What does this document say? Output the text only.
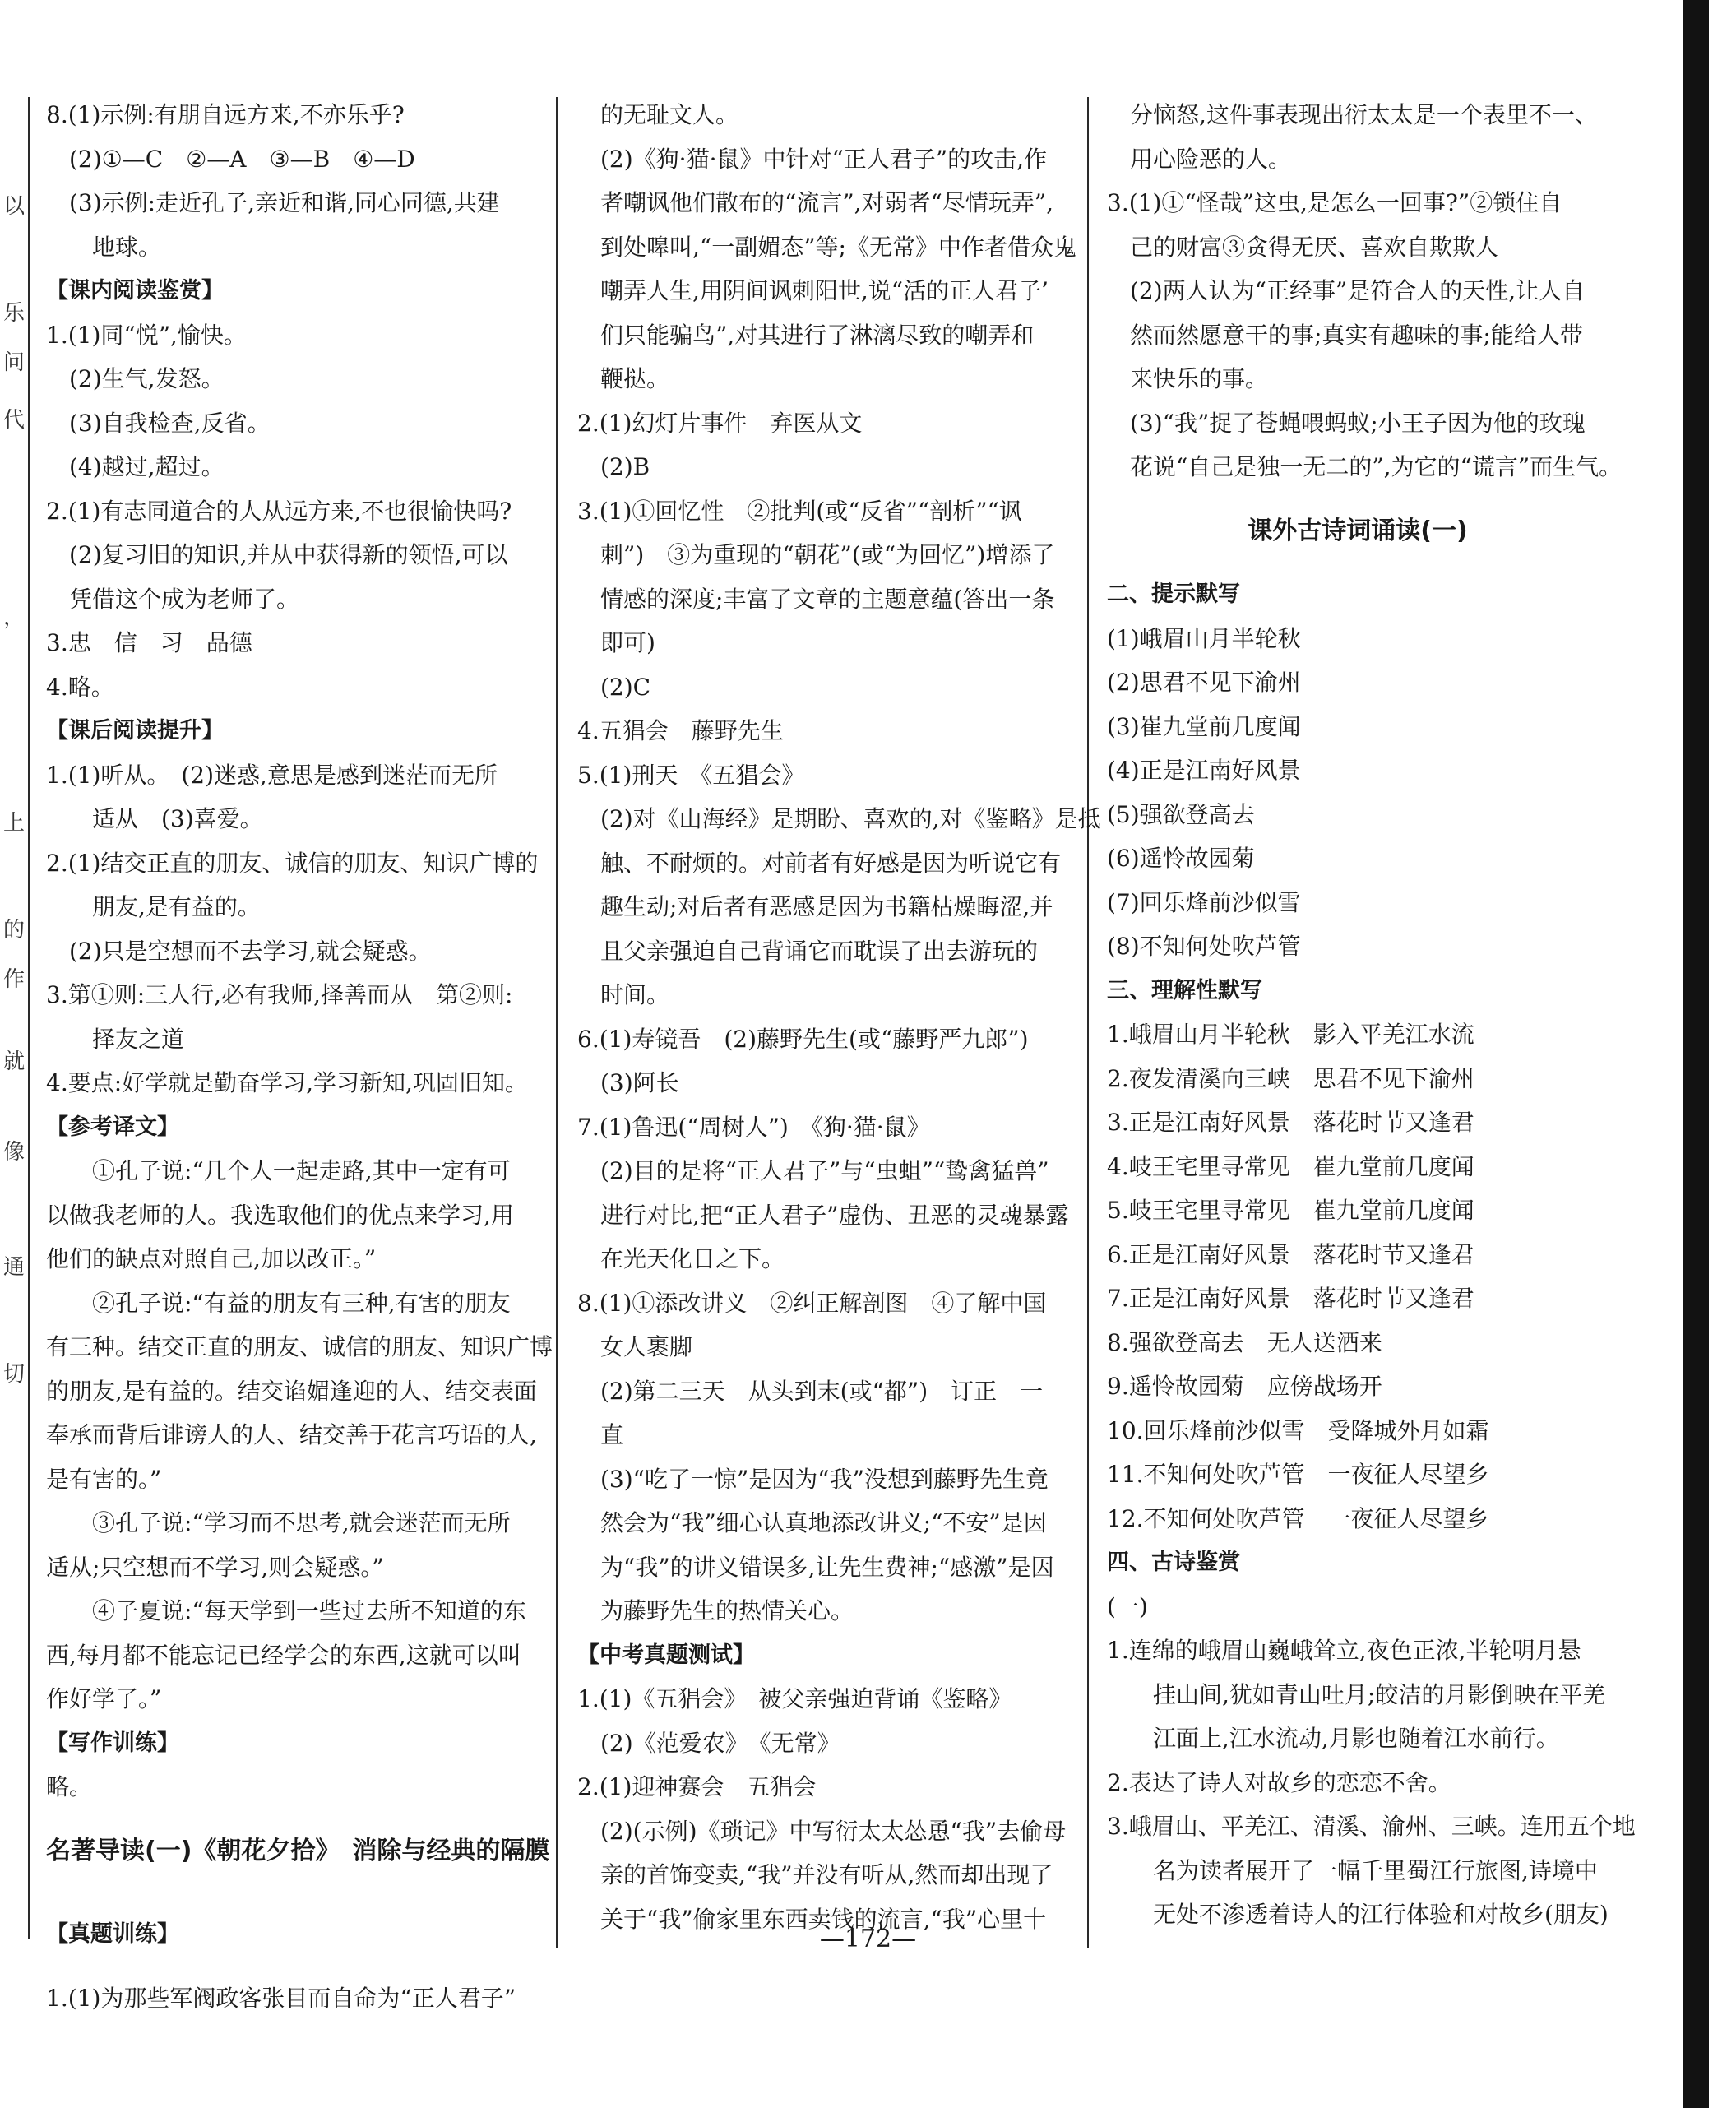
以
乐
问
代
，
上
的
作
就
像
通
切
8.(1)示例:有朋自远方来,不亦乐乎?
(2)①—C　②—A　③—B　④—D
(3)示例:走近孔子,亲近和谐,同心同德,共建
地球。
【课内阅读鉴赏】
1.(1)同“悦”,愉快。
(2)生气,发怒。
(3)自我检查,反省。
(4)越过,超过。
2.(1)有志同道合的人从远方来,不也很愉快吗?
(2)复习旧的知识,并从中获得新的领悟,可以
凭借这个成为老师了。
3.忠　信　习　品德
4.略。
【课后阅读提升】
1.(1)听从。　(2)迷惑,意思是感到迷茫而无所
适从　(3)喜爱。
2.(1)结交正直的朋友、诚信的朋友、知识广博的
朋友,是有益的。
(2)只是空想而不去学习,就会疑惑。
3.第①则:三人行,必有我师,择善而从　第②则:
择友之道
4.要点:好学就是勤奋学习,学习新知,巩固旧知。
【参考译文】
①孔子说:“几个人一起走路,其中一定有可
以做我老师的人。我选取他们的优点来学习,用
他们的缺点对照自己,加以改正。”
②孔子说:“有益的朋友有三种,有害的朋友
有三种。结交正直的朋友、诚信的朋友、知识广博
的朋友,是有益的。结交谄媚逢迎的人、结交表面
奉承而背后诽谤人的人、结交善于花言巧语的人,
是有害的。”
③孔子说:“学习而不思考,就会迷茫而无所
适从;只空想而不学习,则会疑惑。”
④子夏说:“每天学到一些过去所不知道的东
西,每月都不能忘记已经学会的东西,这就可以叫
作好学了。”
【写作训练】
略。
名著导读(一)《朝花夕拾》　消除与经典的隔膜
【真题训练】
1.(1)为那些军阀政客张目而自命为“正人君子”
的无耻文人。
(2)《狗·猫·鼠》中针对“正人君子”的攻击,作
者嘲讽他们散布的“流言”,对弱者“尽情玩弄”,
到处嗥叫,“一副媚态”等;《无常》中作者借众鬼
嘲弄人生,用阴间讽刺阳世,说“活的正人君子’
们只能骗鸟”,对其进行了淋漓尽致的嘲弄和
鞭挞。
2.(1)幻灯片事件　弃医从文
(2)B
3.(1)①回忆性　②批判(或“反省”“剖析”“讽
刺”)　③为重现的“朝花”(或“为回忆”)增添了
情感的深度;丰富了文章的主题意蕴(答出一条
即可)
(2)C
4.五猖会　藤野先生
5.(1)刑天　《五猖会》
(2)对《山海经》是期盼、喜欢的,对《鉴略》是抵
触、不耐烦的。对前者有好感是因为听说它有
趣生动;对后者有恶感是因为书籍枯燥晦涩,并
且父亲强迫自己背诵它而耽误了出去游玩的
时间。
6.(1)寿镜吾　(2)藤野先生(或“藤野严九郎”)
(3)阿长
7.(1)鲁迅(“周树人”)　《狗·猫·鼠》
(2)目的是将“正人君子”与“虫蛆”“鸷禽猛兽”
进行对比,把“正人君子”虚伪、丑恶的灵魂暴露
在光天化日之下。
8.(1)①添改讲义　②纠正解剖图　④了解中国
女人裹脚
(2)第二三天　从头到末(或“都”)　订正　一
直
(3)“吃了一惊”是因为“我”没想到藤野先生竟
然会为“我”细心认真地添改讲义;“不安”是因
为“我”的讲义错误多,让先生费神;“感激”是因
为藤野先生的热情关心。
【中考真题测试】
1.(1)《五猖会》　被父亲强迫背诵《鉴略》
(2)《范爱农》　《无常》
2.(1)迎神赛会　五猖会
(2)(示例)《琐记》中写衍太太怂恿“我”去偷母
亲的首饰变卖,“我”并没有听从,然而却出现了
关于“我”偷家里东西卖钱的流言,“我”心里十
分恼怒,这件事表现出衍太太是一个表里不一、
用心险恶的人。
3.(1)①“怪哉”这虫,是怎么一回事?”②锁住自
己的财富③贪得无厌、喜欢自欺欺人
(2)两人认为“正经事”是符合人的天性,让人自
然而然愿意干的事;真实有趣味的事;能给人带
来快乐的事。
(3)“我”捉了苍蝇喂蚂蚁;小王子因为他的玫瑰
花说“自己是独一无二的”,为它的“谎言”而生气。
课外古诗词诵读(一)
二、提示默写
(1)峨眉山月半轮秋
(2)思君不见下渝州
(3)崔九堂前几度闻
(4)正是江南好风景
(5)强欲登高去
(6)遥怜故园菊
(7)回乐烽前沙似雪
(8)不知何处吹芦管
三、理解性默写
1.峨眉山月半轮秋　影入平羌江水流
2.夜发清溪向三峡　思君不见下渝州
3.正是江南好风景　落花时节又逢君
4.岐王宅里寻常见　崔九堂前几度闻
5.岐王宅里寻常见　崔九堂前几度闻
6.正是江南好风景　落花时节又逢君
7.正是江南好风景　落花时节又逢君
8.强欲登高去　无人送酒来
9.遥怜故园菊　应傍战场开
10.回乐烽前沙似雪　受降城外月如霜
11.不知何处吹芦管　一夜征人尽望乡
12.不知何处吹芦管　一夜征人尽望乡
四、古诗鉴赏
(一)
1.连绵的峨眉山巍峨耸立,夜色正浓,半轮明月悬
挂山间,犹如青山吐月;皎洁的月影倒映在平羌
江面上,江水流动,月影也随着江水前行。
2.表达了诗人对故乡的恋恋不舍。
3.峨眉山、平羌江、清溪、渝州、三峡。连用五个地
名为读者展开了一幅千里蜀江行旅图,诗境中
无处不渗透着诗人的江行体验和对故乡(朋友)
—172—
